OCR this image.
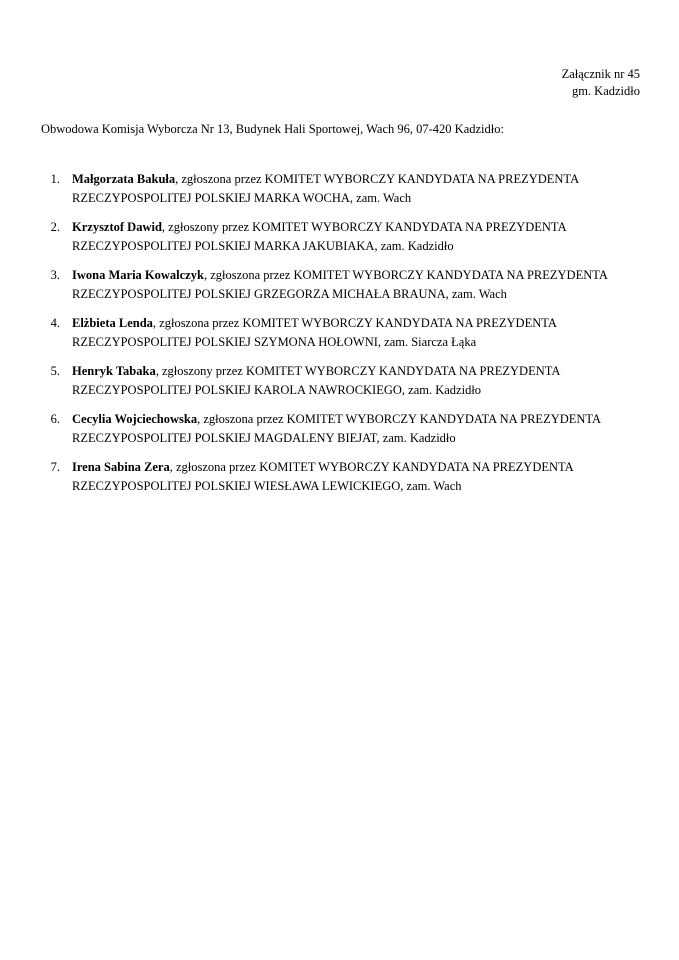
Załącznik nr 45
gm. Kadzidło
Obwodowa Komisja Wyborcza Nr 13, Budynek Hali Sportowej, Wach 96, 07-420 Kadzidło:
1. Małgorzata Bakuła, zgłoszona przez KOMITET WYBORCZY KANDYDATA NA PREZYDENTA RZECZYPOSPOLITEJ POLSKIEJ MARKA WOCHA, zam. Wach
2. Krzysztof Dawid, zgłoszony przez KOMITET WYBORCZY KANDYDATA NA PREZYDENTA RZECZYPOSPOLITEJ POLSKIEJ MARKA JAKUBIAKA, zam. Kadzidło
3. Iwona Maria Kowalczyk, zgłoszona przez KOMITET WYBORCZY KANDYDATA NA PREZYDENTA RZECZYPOSPOLITEJ POLSKIEJ GRZEGORZA MICHAŁA BRAUNA, zam. Wach
4. Elżbieta Lenda, zgłoszona przez KOMITET WYBORCZY KANDYDATA NA PREZYDENTA RZECZYPOSPOLITEJ POLSKIEJ SZYMONA HOŁOWNI, zam. Siarcza Łąka
5. Henryk Tabaka, zgłoszony przez KOMITET WYBORCZY KANDYDATA NA PREZYDENTA RZECZYPOSPOLITEJ POLSKIEJ KAROLA NAWROCKIEGO, zam. Kadzidło
6. Cecylia Wojciechowska, zgłoszona przez KOMITET WYBORCZY KANDYDATA NA PREZYDENTA RZECZYPOSPOLITEJ POLSKIEJ MAGDALENY BIEJAT, zam. Kadzidło
7. Irena Sabina Zera, zgłoszona przez KOMITET WYBORCZY KANDYDATA NA PREZYDENTA RZECZYPOSPOLITEJ POLSKIEJ WIESŁAWA LEWICKIEGO, zam. Wach
